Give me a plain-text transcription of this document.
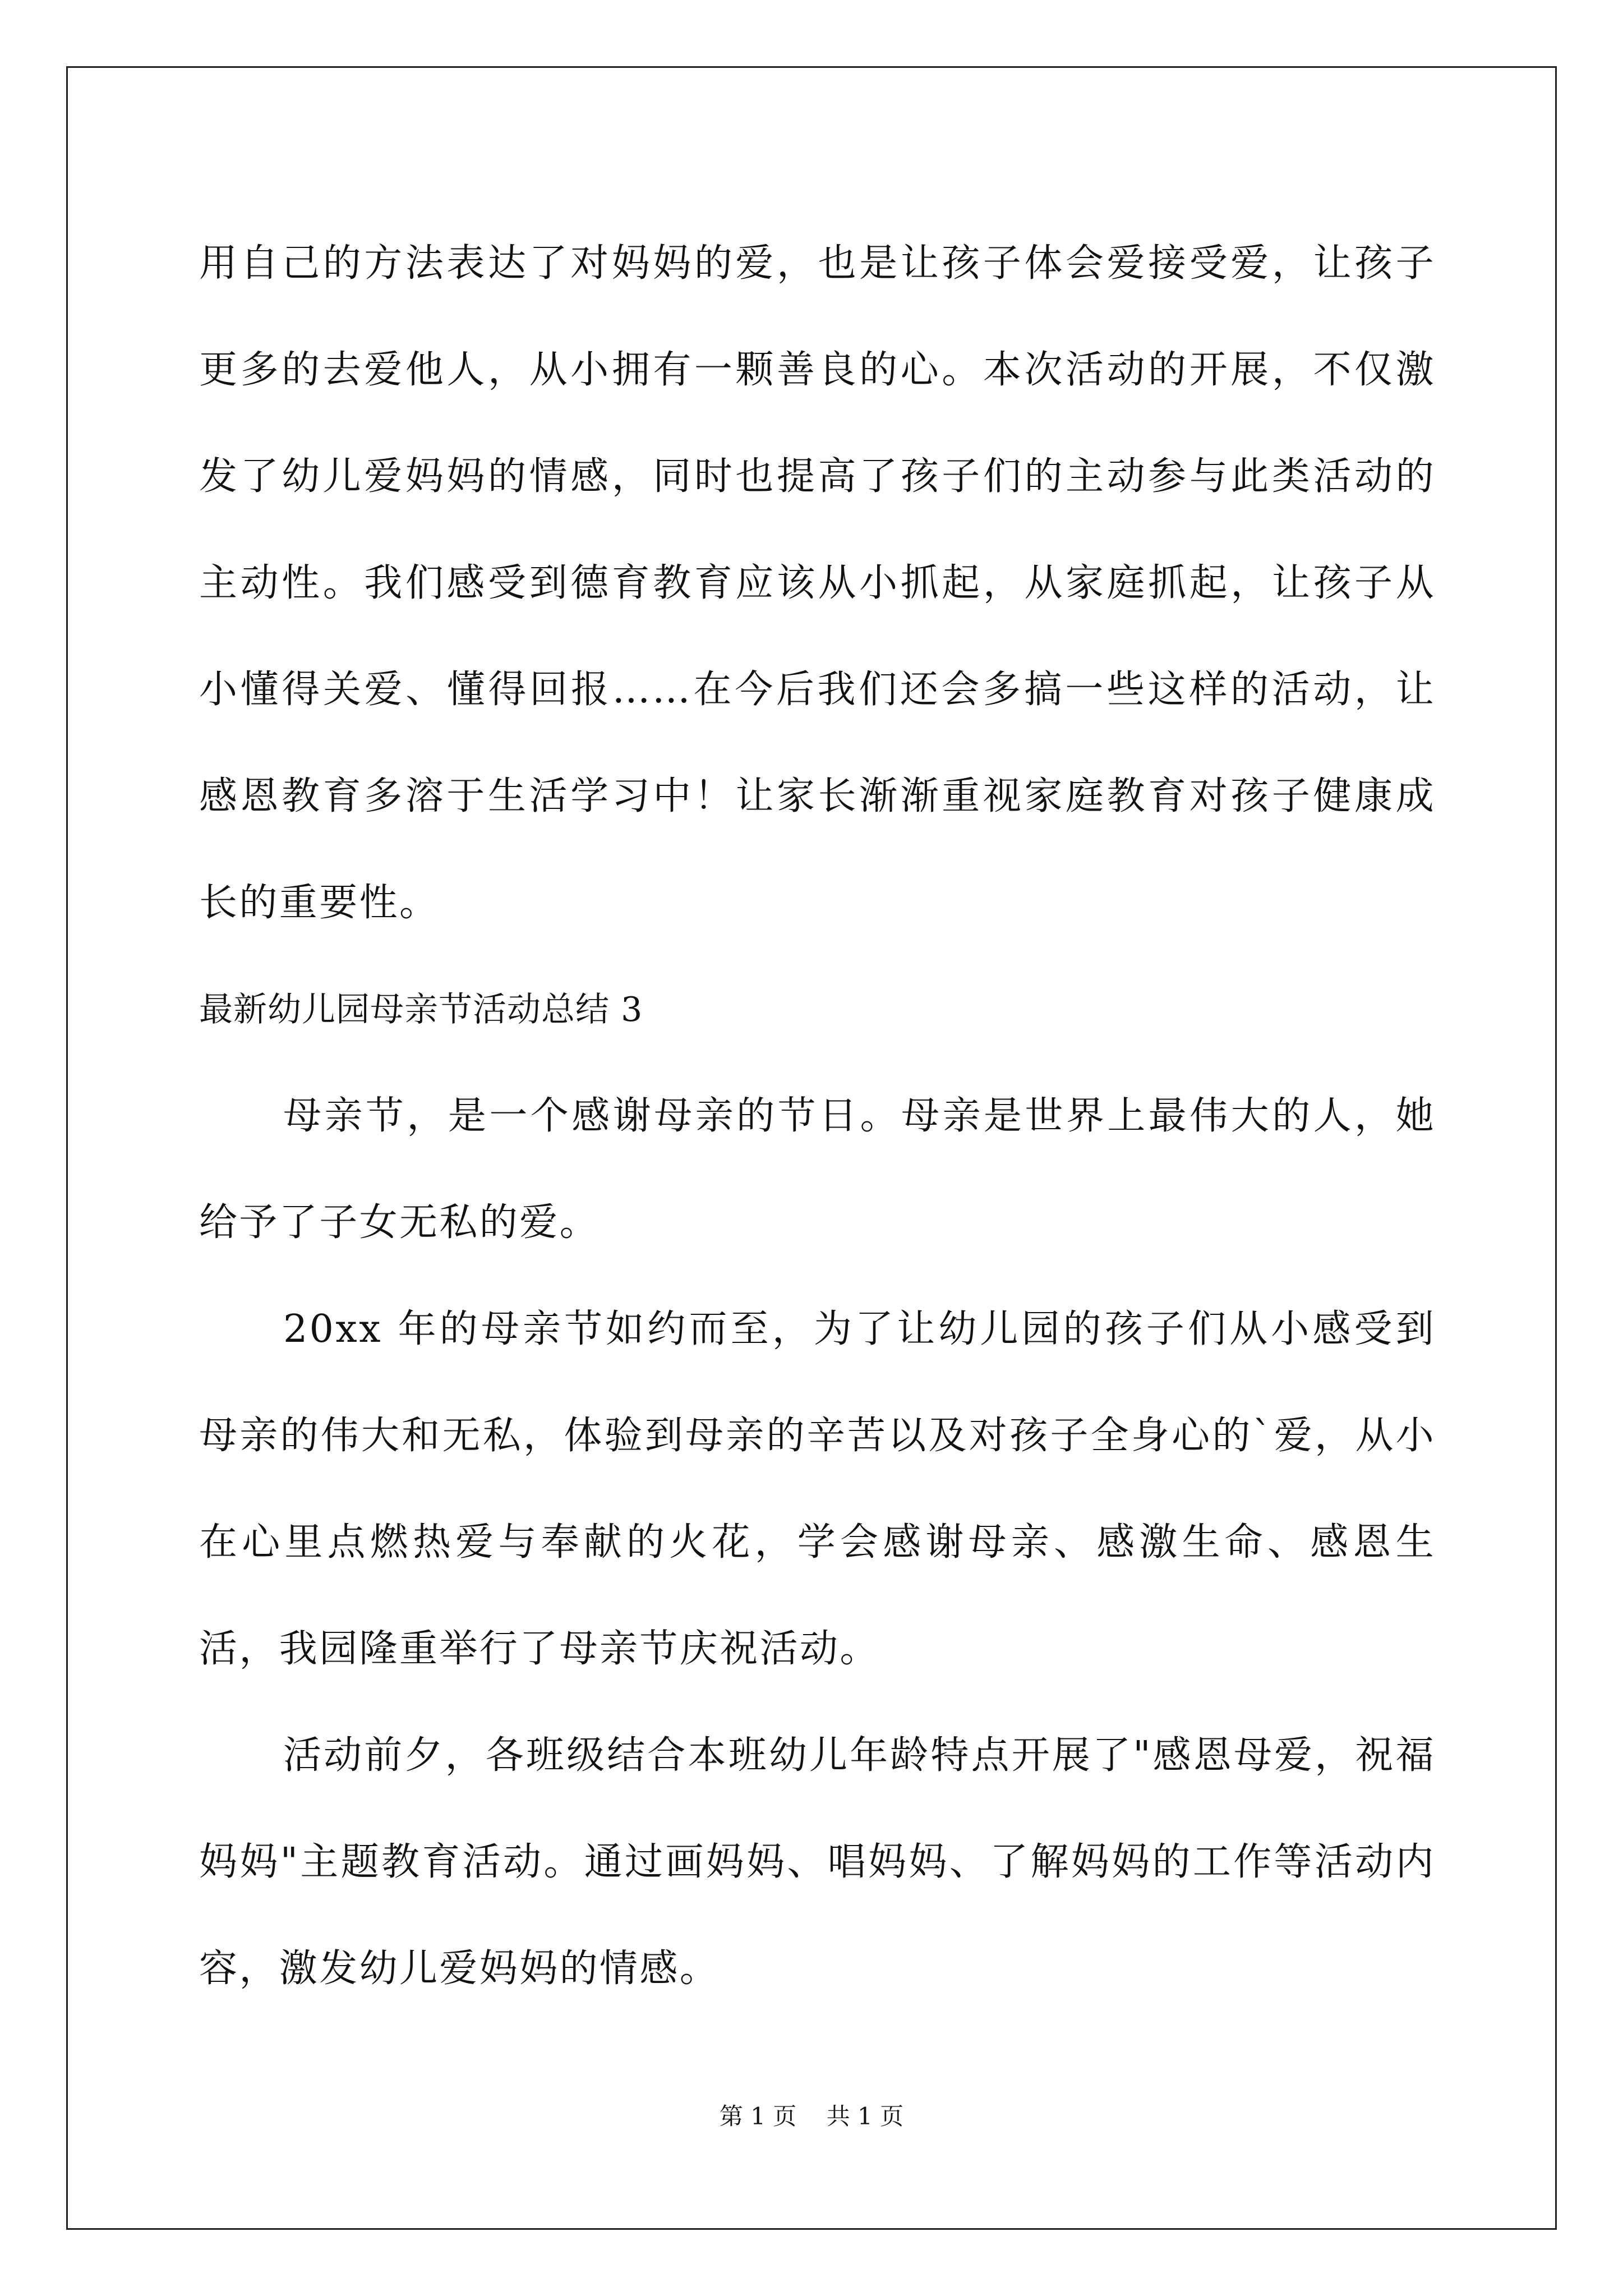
用自己的方法表达了对妈妈的爱，也是让孩子体会爱接受爱，让孩子更多的去爱他人，从小拥有一颗善良的心。本次活动的开展，不仅激发了幼儿爱妈妈的情感，同时也提高了孩子们的主动参与此类活动的主动性。我们感受到德育教育应该从小抓起，从家庭抓起，让孩子从小懂得关爱、懂得回报……在今后我们还会多搞一些这样的活动，让感恩教育多溶于生活学习中！让家长渐渐重视家庭教育对孩子健康成长的重要性。

最新幼儿园母亲节活动总结 3

母亲节，是一个感谢母亲的节日。母亲是世界上最伟大的人，她给予了子女无私的爱。

20xx 年的母亲节如约而至，为了让幼儿园的孩子们从小感受到母亲的伟大和无私，体验到母亲的辛苦以及对孩子全身心的`爱，从小在心里点燃热爱与奉献的火花，学会感谢母亲、感激生命、感恩生活，我园隆重举行了母亲节庆祝活动。

活动前夕，各班级结合本班幼儿年龄特点开展了"感恩母爱，祝福妈妈"主题教育活动。通过画妈妈、唱妈妈、了解妈妈的工作等活动内容，激发幼儿爱妈妈的情感。

第 1 页    共 1 页
